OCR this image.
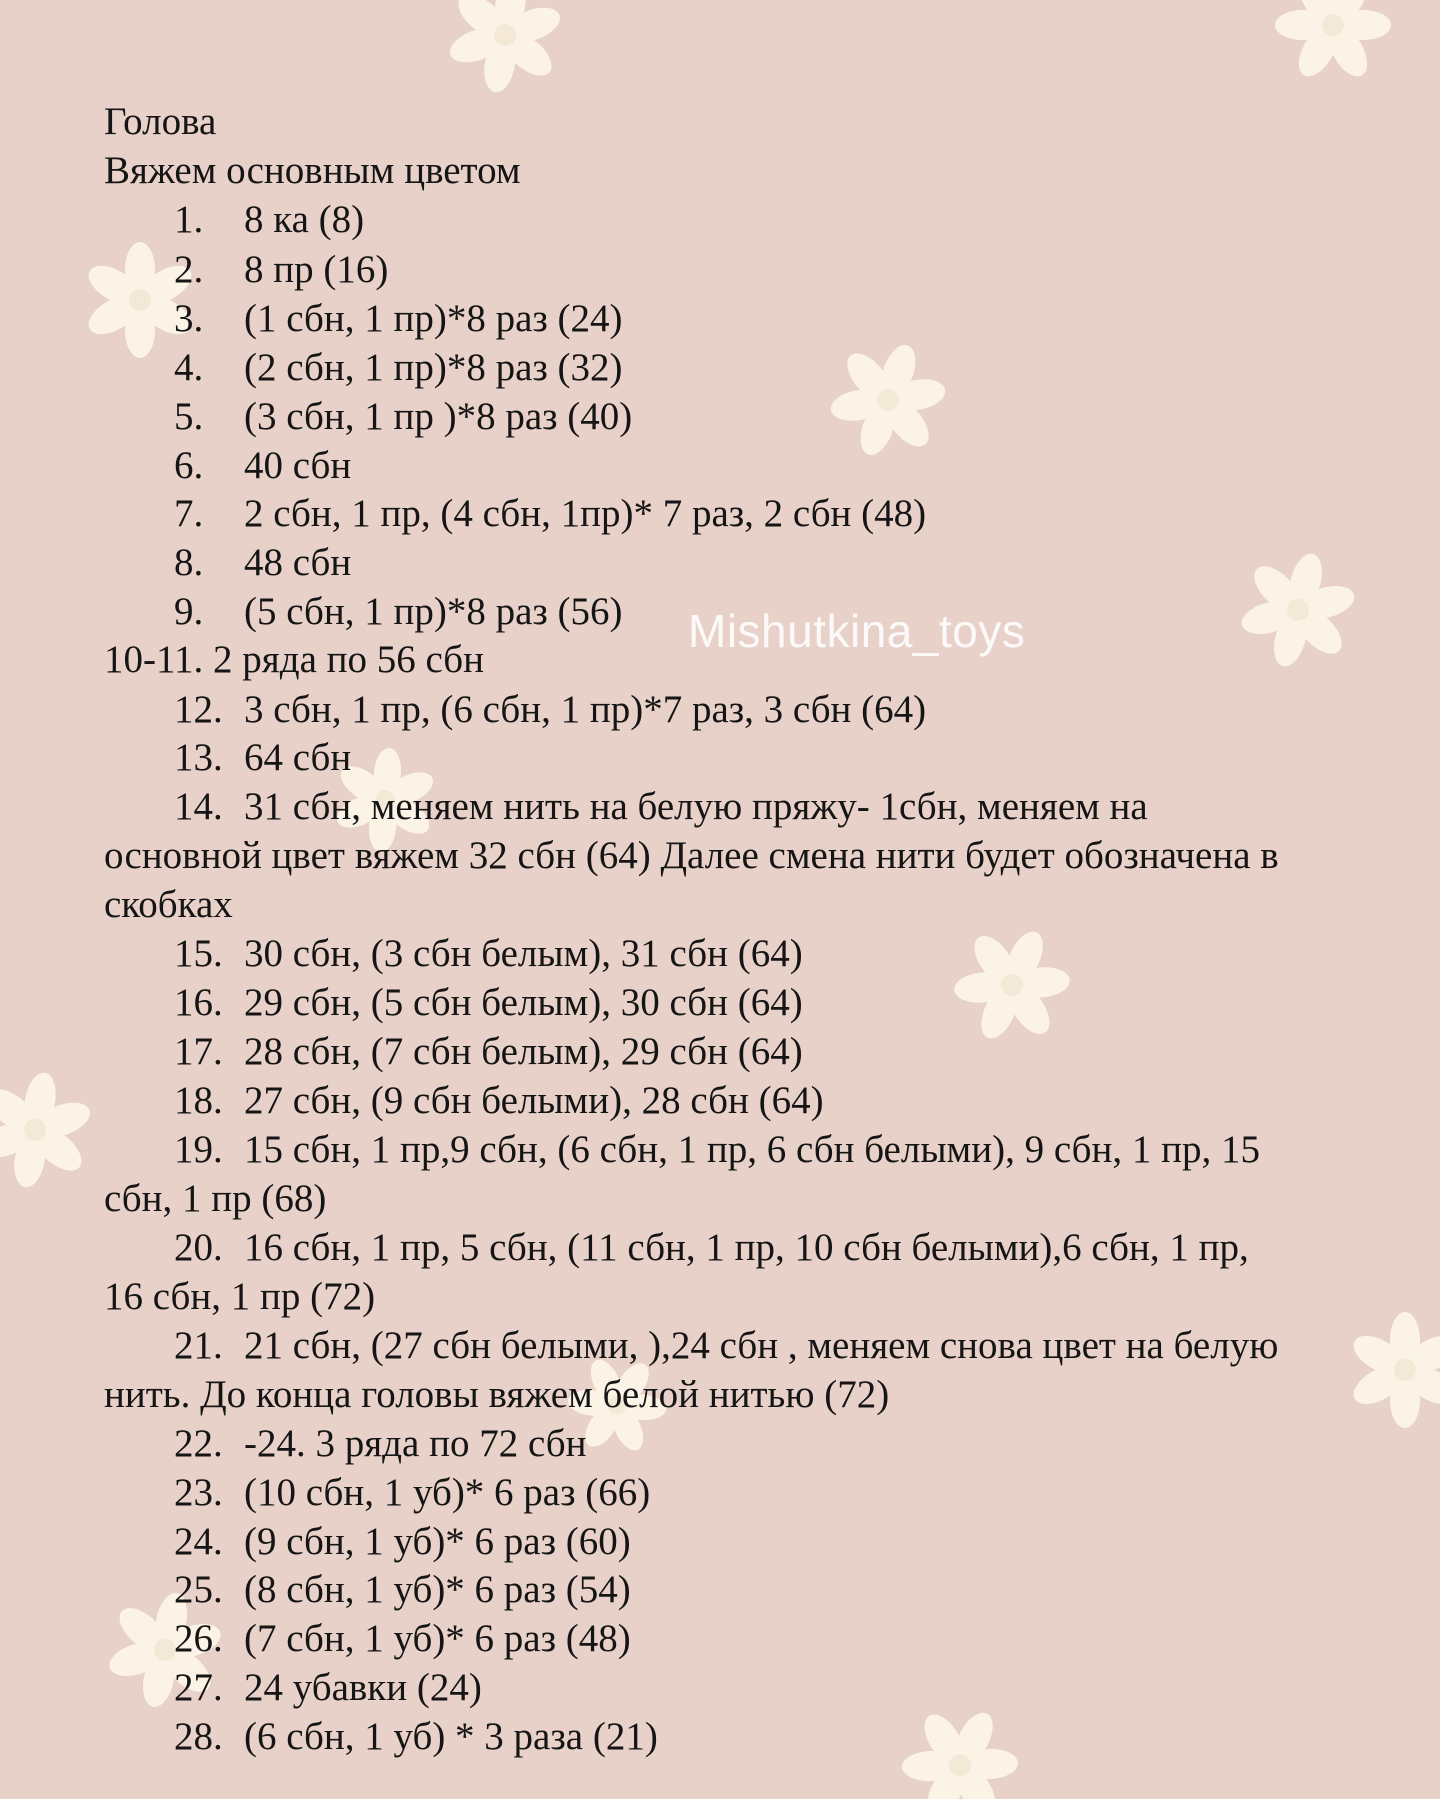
Голова
Вяжем основным цветом
1. 8 ка (8)
2. 8 пр (16)
3. (1 сбн, 1 пр)*8 раз (24)
4. (2 сбн, 1 пр)*8 раз (32)
5. (3 сбн, 1 пр )*8 раз (40)
6. 40 сбн
7. 2 сбн, 1 пр, (4 сбн, 1пр)* 7 раз, 2 сбн (48)
8. 48 сбн
9. (5 сбн, 1 пр)*8 раз (56)
10-11. 2 ряда по 56 сбн
12. 3 сбн, 1 пр, (6 сбн, 1 пр)*7 раз, 3 сбн (64)
13. 64 сбн
14. 31 сбн, меняем нить на белую пряжу- 1сбн, меняем на
основной цвет вяжем 32 сбн (64) Далее смена нити будет обозначена в
скобках
15. 30 сбн, (3 сбн белым), 31 сбн (64)
16. 29 сбн, (5 сбн белым), 30 сбн (64)
17. 28 сбн, (7 сбн белым), 29 сбн (64)
18. 27 сбн, (9 сбн белыми), 28 сбн (64)
19. 15 сбн, 1 пр,9 сбн, (6 сбн, 1 пр, 6 сбн белыми), 9 сбн, 1 пр, 15
сбн, 1 пр (68)
20. 16 сбн, 1 пр, 5 сбн, (11 сбн, 1 пр, 10 сбн белыми),6 сбн, 1 пр,
16 сбн, 1 пр (72)
21. 21 сбн, (27 сбн белыми, ),24 сбн , меняем снова цвет на белую
нить. До конца головы вяжем белой нитью (72)
22. -24. 3 ряда по 72 сбн
23. (10 сбн, 1 уб)* 6 раз (66)
24. (9 сбн, 1 уб)* 6 раз (60)
25. (8 сбн, 1 уб)* 6 раз (54)
26. (7 сбн, 1 уб)* 6 раз (48)
27. 24 убавки (24)
28. (6 сбн, 1 уб) * 3 раза (21)
Mishutkina_toys
